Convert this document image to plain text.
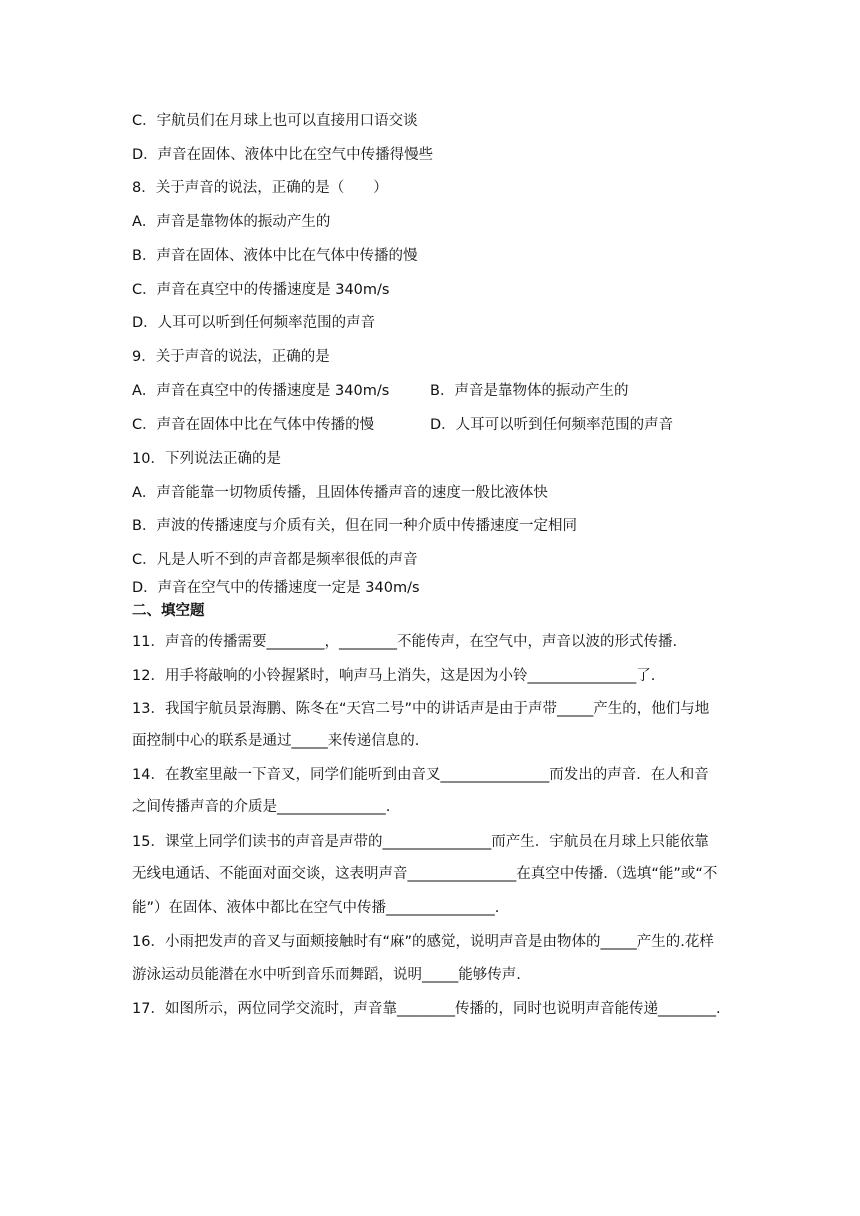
C．宇航员们在月球上也可以直接用口语交谈
D．声音在固体、液体中比在空气中传播得慢些
8．关于声音的说法，正确的是（　　）
A．声音是靠物体的振动产生的
B．声音在固体、液体中比在气体中传播的慢
C．声音在真空中的传播速度是 340m/s
D．人耳可以听到任何频率范围的声音
9．关于声音的说法，正确的是
A．声音在真空中的传播速度是 340m/s	B．声音是靠物体的振动产生的
C．声音在固体中比在气体中传播的慢	D．人耳可以听到任何频率范围的声音
10．下列说法正确的是
A．声音能靠一切物质传播，且固体传播声音的速度一般比液体快
B．声波的传播速度与介质有关，但在同一种介质中传播速度一定相同
C．凡是人听不到的声音都是频率很低的声音
D．声音在空气中的传播速度一定是 340m/s
二、填空题
11．声音的传播需要________，________不能传声，在空气中，声音以波的形式传播.
12．用手将敲响的小铃握紧时，响声马上消失，这是因为小铃_______________了.
13．我国宇航员景海鹏、陈冬在“天宫二号”中的讲话声是由于声带_____产生的，他们与地
面控制中心的联系是通过_____来传递信息的.
14．在教室里敲一下音叉，同学们能听到由音叉_______________而发出的声音．在人和音
之间传播声音的介质是_______________.
15．课堂上同学们读书的声音是声带的_______________而产生．宇航员在月球上只能依靠
无线电通话、不能面对面交谈，这表明声音_______________在真空中传播.（选填“能”或“不
能”）在固体、液体中都比在空气中传播_______________.
16．小雨把发声的音叉与面颊接触时有“麻”的感觉，说明声音是由物体的_____产生的.花样
游泳运动员能潜在水中听到音乐而舞蹈，说明_____能够传声.
17．如图所示，两位同学交流时，声音靠________传播的，同时也说明声音能传递________.
